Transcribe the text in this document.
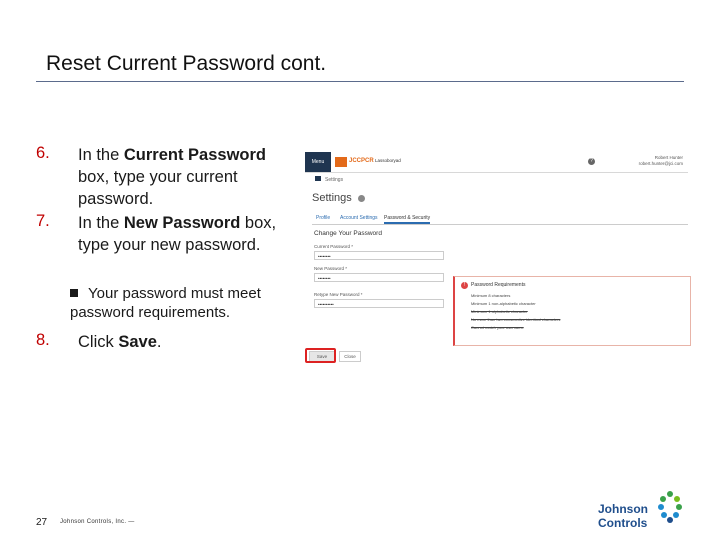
Reset Current Password cont.
6. In the Current Password box, type your current password.
7. In the New Password box, type your new password.
Your password must meet password requirements.
8. Click Save.
Menu	JCCPCR Lassoboryad	?
Robert Hunter
robert.hunter@jci.com
Settings
Settings
Profile Account Settings Password & Security
Change Your Password
Current Password *
••••••••
New Password *
••••••••
Retype New Password *
••••••••••
!	Password Requirements
Minimum 8 characters
Minimum 1 non-alphabetic character
Minimum 1 alphabetic character
No more than two consecutive identical characters
Cannot match your username
Save	Close
27 Johnson Controls, Inc. —
Johnson
Controls
